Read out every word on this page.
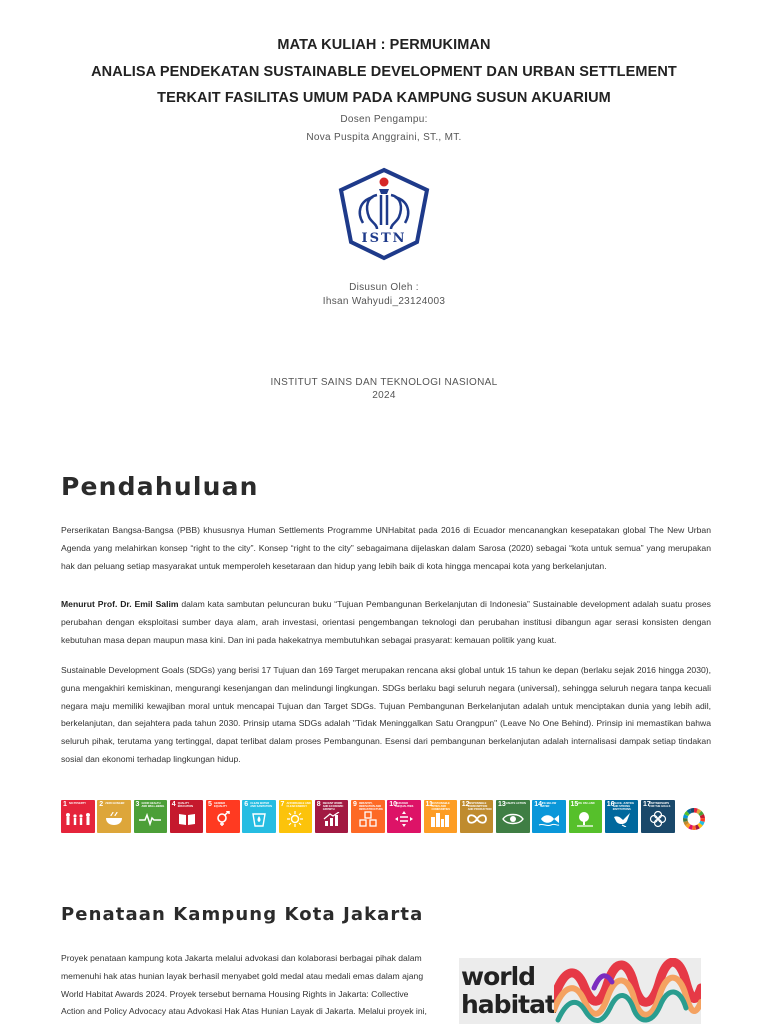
MATA KULIAH : PERMUKIMAN
ANALISA PENDEKATAN SUSTAINABLE DEVELOPMENT DAN URBAN SETTLEMENT
TERKAIT FASILITAS UMUM PADA KAMPUNG SUSUN AKUARIUM
Dosen Pengampu:
Nova Puspita Anggraini, ST., MT.
ISTN
Disusun Oleh :
Ihsan Wahyudi_23124003
INSTITUT SAINS DAN TEKNOLOGI NASIONAL
2024
Pendahuluan
Perserikatan Bangsa-Bangsa (PBB) khususnya Human Settlements Programme UNHabitat pada 2016 di Ecuador mencanangkan kesepatakan global The New Urban Agenda yang melahirkan konsep “right to the city”. Konsep “right to the city” sebagaimana dijelaskan dalam Sarosa (2020) sebagai “kota untuk semua” yang merupakan hak dan peluang setiap masyarakat untuk memperoleh kesetaraan dan hidup yang lebih baik di kota hingga mencapai kota yang berkelanjutan.
Menurut Prof. Dr. Emil Salim dalam kata sambutan peluncuran buku “Tujuan Pembangunan Berkelanjutan di Indonesia” Sustainable development adalah suatu proses perubahan dengan eksploitasi sumber daya alam, arah investasi, orientasi pengembangan teknologi dan perubahan institusi dibangun agar serasi konsisten dengan kebutuhan masa depan maupun masa kini. Dan ini pada hakekatnya membutuhkan sebagai prasyarat: kemauan politik yang kuat.
Sustainable Development Goals (SDGs) yang berisi 17 Tujuan dan 169 Target merupakan rencana aksi global untuk 15 tahun ke depan (berlaku sejak 2016 hingga 2030), guna mengakhiri kemiskinan, mengurangi kesenjangan dan melindungi lingkungan. SDGs berlaku bagi seluruh negara (universal), sehingga seluruh negara tanpa kecuali negara maju memiliki kewajiban moral untuk mencapai Tujuan dan Target SDGs. Tujuan Pembangunan Berkelanjutan adalah untuk menciptakan dunia yang lebih adil, berkelanjutan, dan sejahtera pada tahun 2030. Prinsip utama SDGs adalah "Tidak Meninggalkan Satu Orangpun" (Leave No One Behind). Prinsip ini memastikan bahwa seluruh pihak, terutama yang tertinggal, dapat terlibat dalam proses Pembangunan. Esensi dari pembangunan berkelanjutan adalah internalisasi dampak setiap tindakan sosial dan ekonomi terhadap lingkungan hidup.
1 NO POVERTY	2 ZERO HUNGER	3 GOOD HEALTH AND WELL-BEING 4 QUALITY EDUCATION	5 GENDER EQUALITY	6 CLEAN WATER AND SANITATION	7 AFFORDABLE AND CLEAN ENERGY	8 DECENT WORK AND ECONOMIC GROWTH
9 INDUSTRY, INNOVATION AND INFRASTRUCTURE
10
REDUCED INEQUALITIES	11
SUSTAINABLE CITIES AND COMMUNITIES
12
RESPONSIBLE CONSUMPTION AND PRODUCTION
13
CLIMATE ACTION	14
LIFE BELOW WATER	15
LIFE ON LAND	16
PEACE, JUSTICE AND STRONG INSTITUTIONS
17
PARTNERSHIPS FOR THE GOALS
Penataan Kampung Kota Jakarta
Proyek penataan kampung kota Jakarta melalui advokasi dan kolaborasi berbagai pihak dalam
memenuhi hak atas hunian layak berhasil menyabet gold medal atau medali emas dalam ajang
World Habitat Awards 2024. Proyek tersebut bernama Housing Rights in Jakarta: Collective
Action and Policy Advocacy atau Advokasi Hak Atas Hunian Layak di Jakarta. Melalui proyek ini,
world
habitat
